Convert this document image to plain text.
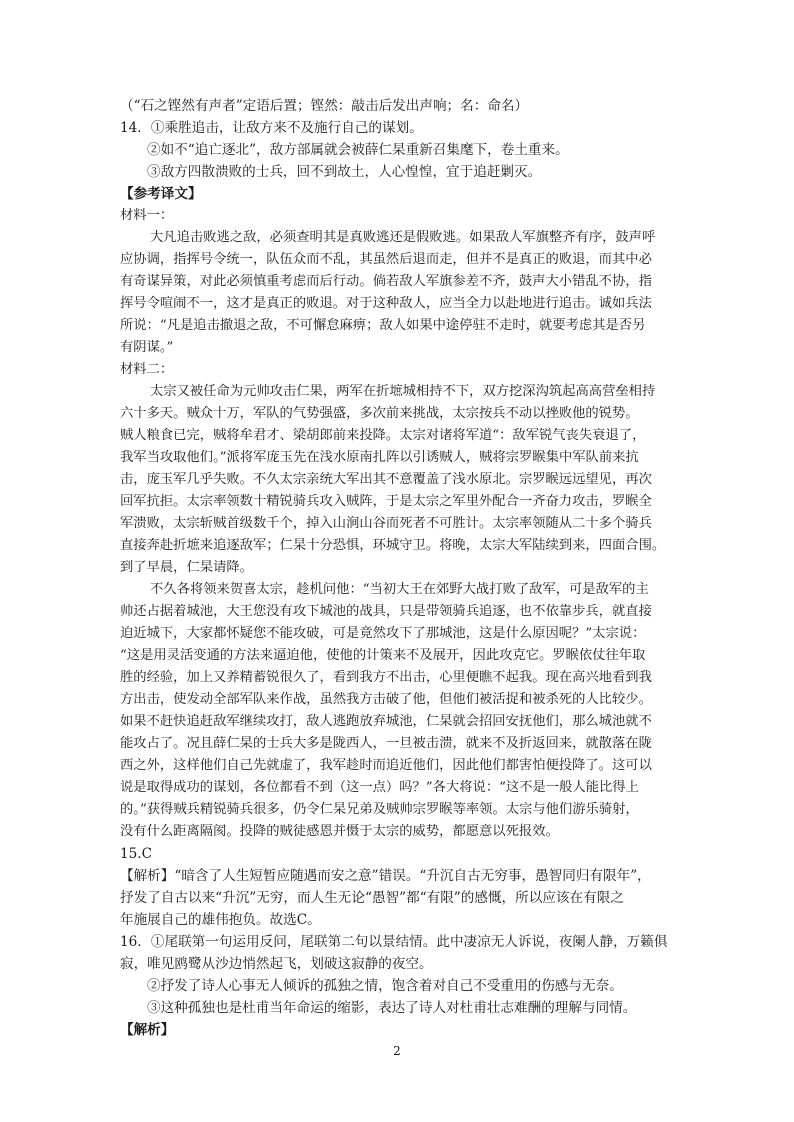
（“石之铿然有声者”定语后置；铿然：敲击后发出声响；名：命名）
14．①乘胜追击，让敌方来不及施行自己的谋划。
②如不“追亡逐北”，敌方部属就会被薛仁杲重新召集麾下，卷土重来。
③敌方四散溃败的士兵，回不到故土，人心惶惶，宜于追赶剿灭。
【参考译文】
材料一：
大凡追击败逃之敌，必须查明其是真败逃还是假败逃。如果敌人军旗整齐有序，鼓声呼
应协调，指挥号令统一，队伍众而不乱，其虽然后退而走，但并不是真正的败退，而其中必
有奇谋异策，对此必须慎重考虑而后行动。倘若敌人军旗参差不齐，鼓声大小错乱不协，指
挥号令喧闹不一，这才是真正的败退。对于这种敌人，应当全力以赴地进行追击。诚如兵法
所说：“凡是追击撤退之敌，不可懈怠麻痹；敌人如果中途停驻不走时，就要考虑其是否另
有阴谋。”
材料二：
太宗又被任命为元帅攻击仁果，两军在折墌城相持不下，双方挖深沟筑起高高营垒相持
六十多天。贼众十万，军队的气势强盛，多次前来挑战，太宗按兵不动以挫败他的锐势。
贼人粮食已完，贼将牟君才、梁胡郎前来投降。太宗对诸将军道“：敌军锐气丧失衰退了，
我军当攻取他们。”派将军庞玉先在浅水原南扎阵以引诱贼人，贼将宗罗睺集中军队前来抗
击，庞玉军几乎失败。不久太宗亲统大军出其不意覆盖了浅水原北。宗罗睺远远望见，再次
回军抗拒。太宗率领数十精锐骑兵攻入贼阵，于是太宗之军里外配合一齐奋力攻击，罗睺全
军溃败，太宗斩贼首级数千个，掉入山涧山谷而死者不可胜计。太宗率领随从二十多个骑兵
直接奔赴折墌来追逐敌军；仁杲十分恐惧，环城守卫。将晚，太宗大军陆续到来，四面合围。
到了早晨，仁杲请降。
不久各将领来贺喜太宗，趁机问他：“当初大王在郊野大战打败了敌军，可是敌军的主
帅还占据着城池，大王您没有攻下城池的战具，只是带领骑兵追逐，也不依靠步兵，就直接
迫近城下，大家都怀疑您不能攻破，可是竟然攻下了那城池，这是什么原因呢？”太宗说：
“这是用灵活变通的方法来逼迫他，使他的计策来不及展开，因此攻克它。罗睺依仗往年取
胜的经验，加上又养精蓄锐很久了，看到我方不出击，心里便瞧不起我。现在高兴地看到我
方出击，使发动全部军队来作战，虽然我方击破了他，但他们被活捉和被杀死的人比较少。
如果不赶快追赶敌军继续攻打，敌人逃跑放弃城池，仁杲就会招回安抚他们，那么城池就不
能攻占了。况且薛仁杲的士兵大多是陇西人，一旦被击溃，就来不及折返回来，就散落在陇
西之外，这样他们自己先就虚了，我军趁时而追近他们，因此他们都害怕便投降了。这可以
说是取得成功的谋划，各位都看不到（这一点）吗？”各大将说：“这不是一般人能比得上
的。”获得贼兵精锐骑兵很多，仍令仁杲兄弟及贼帅宗罗睺等率领。太宗与他们游乐骑射，
没有什么距离隔阂。投降的贼徒感恩并慑于太宗的威势，都愿意以死报效。
15.C
【解析】“暗含了人生短暂应随遇而安之意”错误。“升沉自古无穷事，愚智同归有限年”，
抒发了自古以来“升沉”无穷，而人生无论“愚智”都“有限”的感慨，所以应该在有限之
年施展自己的雄伟抱负。故选C。
16．①尾联第一句运用反问，尾联第二句以景结情。此中凄凉无人诉说，夜阑人静，万籁俱
寂，唯见鸥鹭从沙边悄然起飞，划破这寂静的夜空。
②抒发了诗人心事无人倾诉的孤独之情，饱含着对自己不受重用的伤感与无奈。
③这种孤独也是杜甫当年命运的缩影，表达了诗人对杜甫壮志难酬的理解与同情。
【解析】
2
